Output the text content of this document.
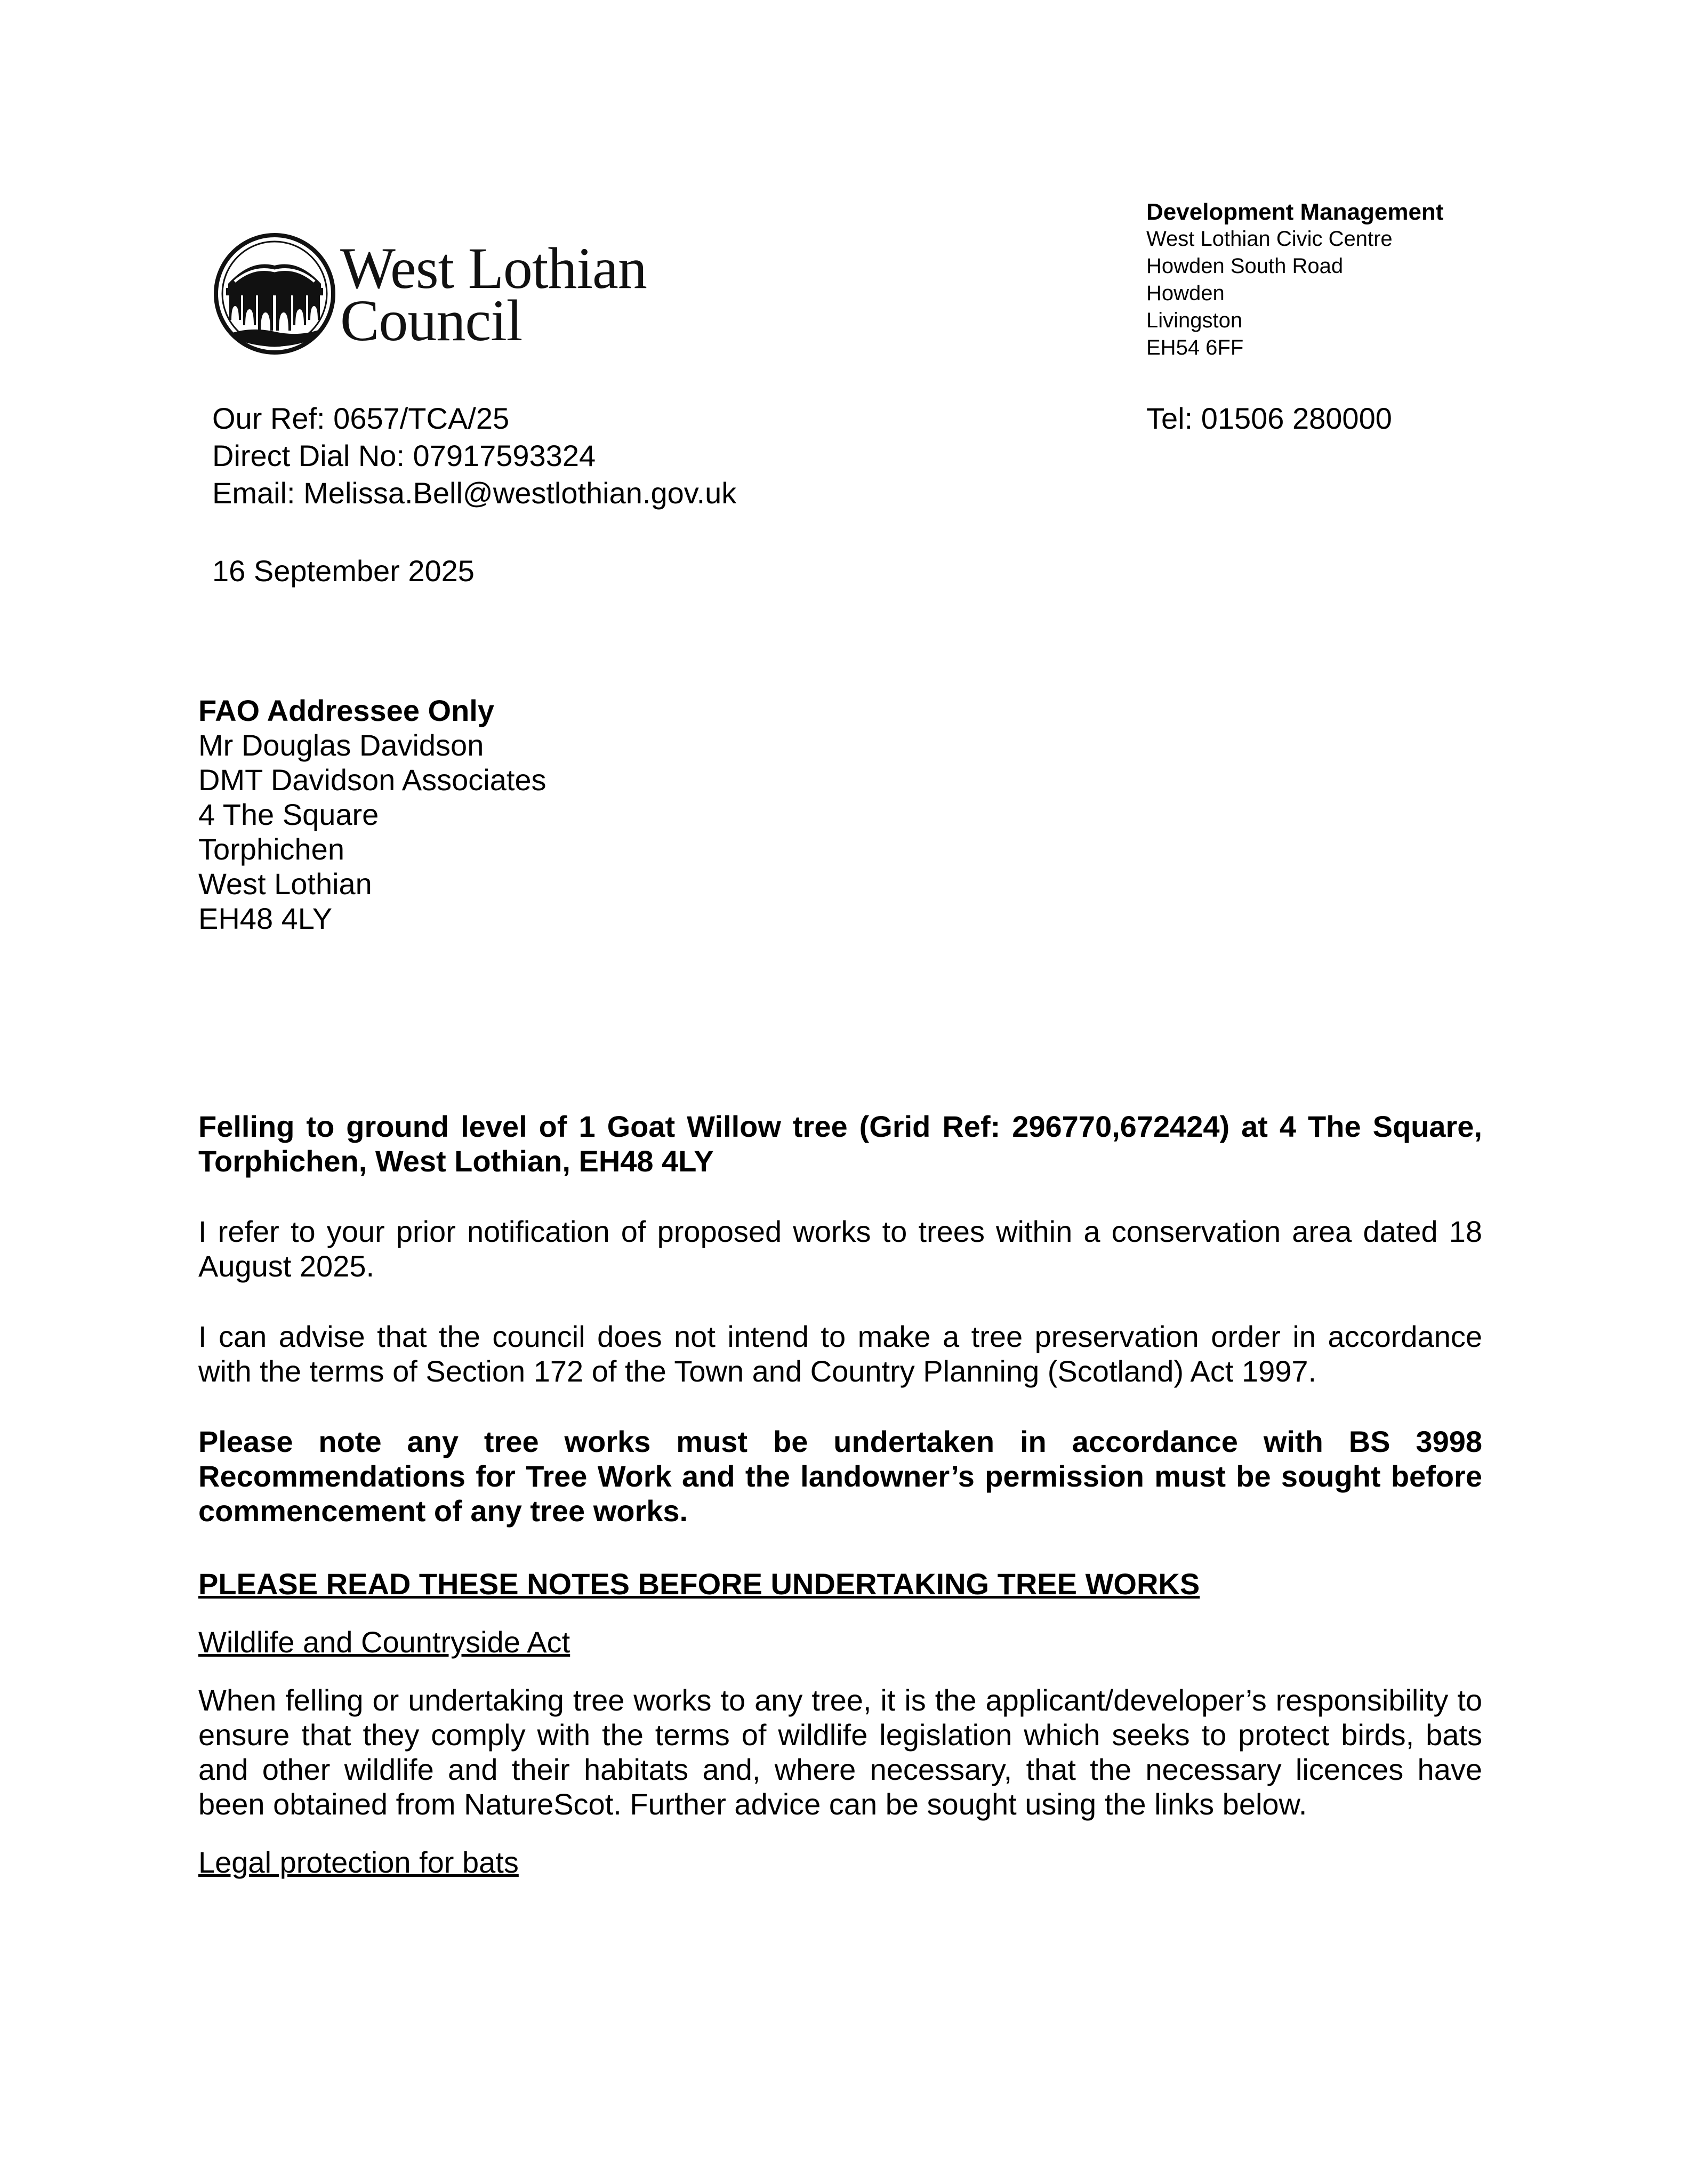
West Lothian
Council
Development Management
West Lothian Civic Centre
Howden South Road
Howden
Livingston
EH54 6FF
Our Ref: 0657/TCA/25
Direct Dial No: 07917593324
Email: Melissa.Bell@westlothian.gov.uk
Tel: 01506 280000
16 September 2025
FAO Addressee Only
Mr Douglas Davidson
DMT Davidson Associates
4 The Square
Torphichen
West Lothian
EH48 4LY

Felling to ground level of 1 Goat Willow tree (Grid Ref: 296770,672424) at 4 The Square, Torphichen, West Lothian, EH48 4LY

I refer to your prior notification of proposed works to trees within a conservation area dated 18 August 2025.

I can advise that the council does not intend to make a tree preservation order in accordance with the terms of Section 172 of the Town and Country Planning (Scotland) Act 1997.

Please note any tree works must be undertaken in accordance with BS 3998 Recommendations for Tree Work and the landowner’s permission must be sought before commencement of any tree works.

PLEASE READ THESE NOTES BEFORE UNDERTAKING TREE WORKS

Wildlife and Countryside Act

When felling or undertaking tree works to any tree, it is the applicant/developer’s responsibility to ensure that they comply with the terms of wildlife legislation which seeks to protect birds, bats and other wildlife and their habitats and, where necessary, that the necessary licences have been obtained from NatureScot. Further advice can be sought using the links below.

Legal protection for bats
